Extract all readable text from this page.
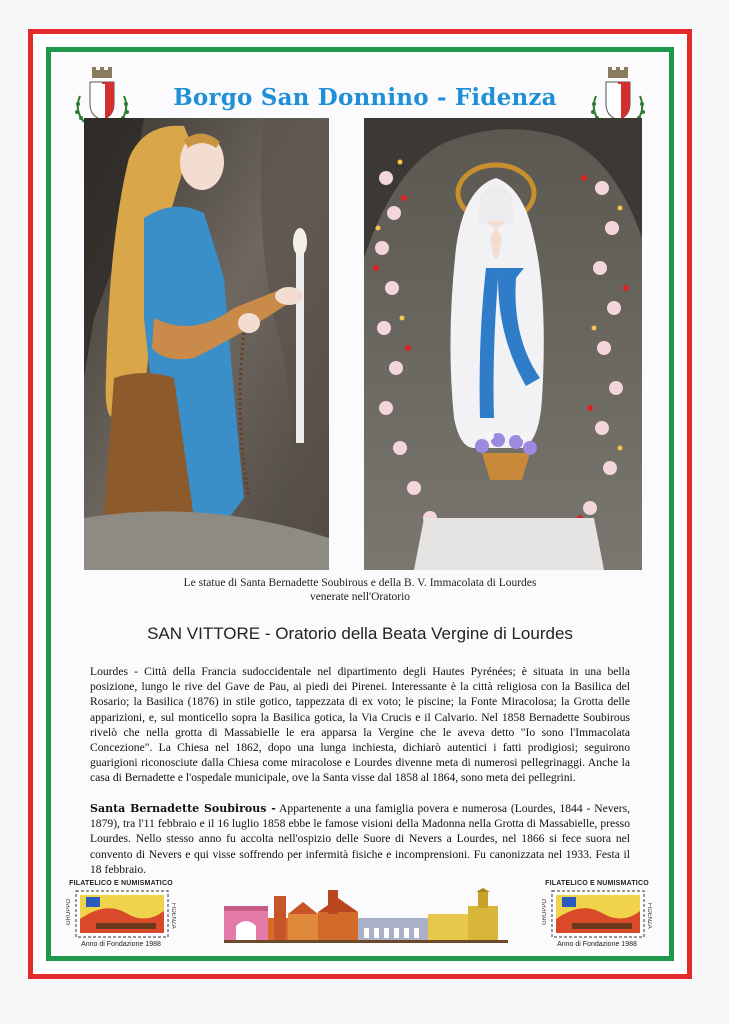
Borgo San Donnino - Fidenza
Le statue di Santa Bernadette Soubirous e della B. V. Immacolata di Lourdes
venerate nell'Oratorio
SAN VITTORE - Oratorio della Beata Vergine di Lourdes
Lourdes - Città della Francia sudoccidentale nel dipartimento degli Hautes Pyrénées; è situata in una bella posizione, lungo le rive del Gave de Pau, ai piedi dei Pirenei. Interessante è la città religiosa con la Basilica del Rosario; la Basilica (1876) in stile gotico, tappezzata di ex voto; le piscine; la Fonte Miracolosa; la Grotta delle apparizioni, e, sul monticello sopra la Basilica gotica, la Via Crucis e il Calvario. Nel 1858 Bernadette Soubirous rivelò che nella grotta di Massabielle le era apparsa la Vergine che le aveva detto "Io sono l'Immacolata Concezione". La Chiesa nel 1862, dopo una lunga inchiesta, dichiarò autentici i fatti prodigiosi; seguirono guarigioni riconosciute dalla Chiesa come miracolose e Lourdes divenne meta di numerosi pellegrinaggi. Anche la casa di Bernadette e l'ospedale municipale, ove la Santa visse dal 1858 al 1864, sono meta dei pellegrini.
Santa Bernadette Soubirous - Appartenente a una famiglia povera e numerosa (Lourdes, 1844 - Nevers, 1879), tra l'11 febbraio e il 16 luglio 1858 ebbe le famose visioni della Madonna nella Grotta di Massabielle, presso Lourdes. Nello stesso anno fu accolta nell'ospizio delle Suore di Nevers a Lourdes, nel 1866 si fece suora nel convento di Nevers e qui visse soffrendo per infermità fisiche e incomprensioni. Fu canonizzata nel 1933. Festa il 18 febbraio.
FILATELICO E NUMISMATICO
GRUPPO	FIDENZA
Anno di Fondazione 1988
FILATELICO E NUMISMATICO
GRUPPO	FIDENZA
Anno di Fondazione 1988
